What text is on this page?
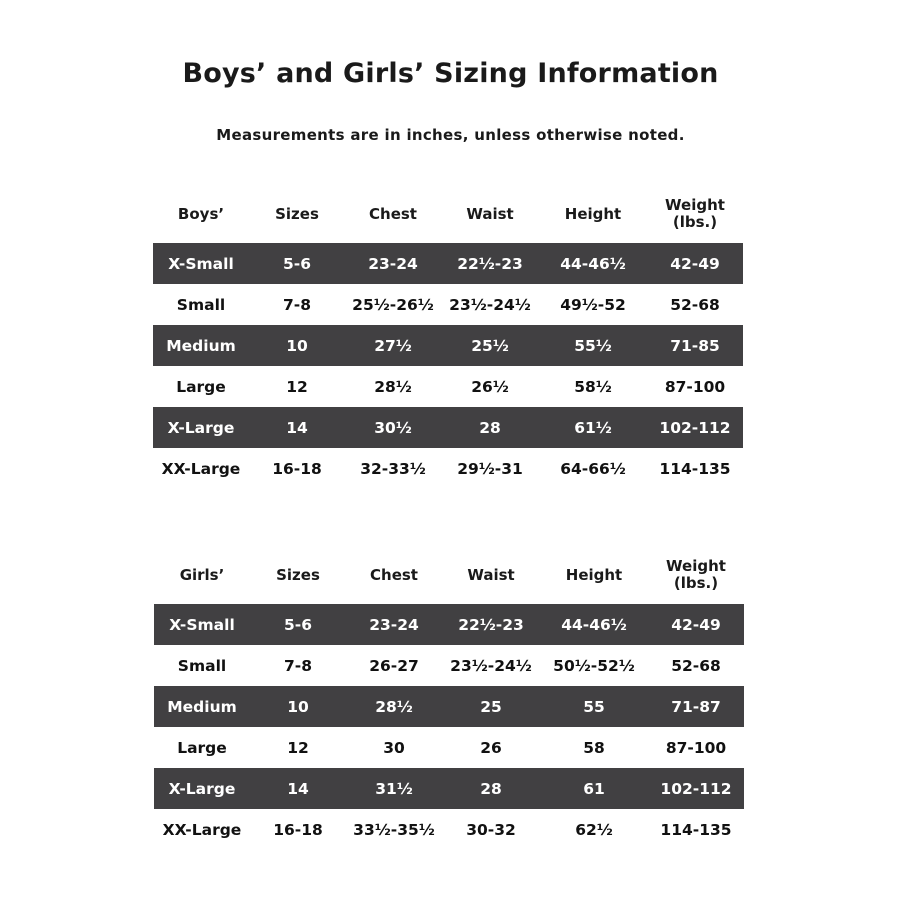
Boys’ and Girls’ Sizing Information
Measurements are in inches, unless otherwise noted.
Boys’	Sizes	Chest	Waist	Height	Weight
(lbs.)
X-Small	5-6	23-24	22½-23	44-46½	42-49
Small	7-8	25½-26½	23½-24½	49½-52	52-68
Medium	10	27½	25½	55½	71-85
Large	12	28½	26½	58½	87-100
X-Large	14	30½	28	61½	102-112
XX-Large	16-18	32-33½	29½-31	64-66½	114-135
Girls’	Sizes	Chest	Waist	Height	Weight
(lbs.)
X-Small	5-6	23-24	22½-23	44-46½	42-49
Small	7-8	26-27	23½-24½	50½-52½	52-68
Medium	10	28½	25	55	71-87
Large	12	30	26	58	87-100
X-Large	14	31½	28	61	102-112
XX-Large	16-18	33½-35½	30-32	62½	114-135
